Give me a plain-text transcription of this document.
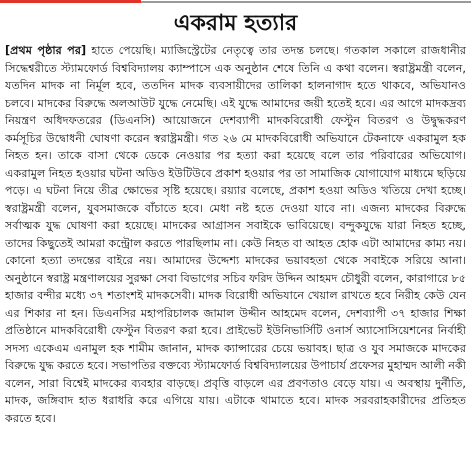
একরাম হত্যার

[প্রথম পৃষ্ঠার পর] হাতে পেয়েছি। ম্যাজিস্ট্রেটের নেতৃত্বে তার তদন্ত চলছে। গতকাল সকালে রাজধানীর সিদ্ধেশ্বরীতে স্ট্যামফোর্ড বিশ্ববিদ্যালয় ক্যাম্পাসে এক অনুষ্ঠান শেষে তিনি এ কথা বলেন। স্বরাষ্ট্রমন্ত্রী বলেন, যতদিন মাদক না নির্মূল হবে, ততদিন মাদক ব্যবসায়ীদের তালিকা হালনাগাদ হতে থাকবে, অভিযানও চলবে। মাদকের বিরুদ্ধে অলআউট যুদ্ধে নেমেছি। এই যুদ্ধে আমাদের জয়ী হতেই হবে। এর আগে মাদকদ্রব্য নিয়ন্ত্রণ অধিদফতরের (ডিএনসি) আয়োজনে দেশব্যাপী মাদকবিরোধী ফেস্টুন বিতরণ ও উদ্বুদ্ধকরণ কর্মসূচির উদ্বোধনী ঘোষণা করেন স্বরাষ্ট্রমন্ত্রী। গত ২৬ মে মাদকবিরোধী অভিযানে টেকনাফে একরামুল হক নিহত হন। তাকে বাসা থেকে ডেকে নেওয়ার পর হত্যা করা হয়েছে বলে তার পরিবারের অভিযোগ। একরামুল নিহত হওয়ার ঘটনা অডিও ইউটিউবে প্রকাশ হওয়ার পর তা সামাজিক যোগাযোগ মাধ্যমে ছড়িয়ে পড়ে। এ ঘটনা নিয়ে তীব্র ক্ষোভের সৃষ্টি হয়েছে। রয়্যার বলেছে, প্রকাশ হওয়া অডিও খতিয়ে দেখা হচ্ছে। স্বরাষ্ট্রমন্ত্রী বলেন, যুবসমাজকে বাঁচাতে হবে। মেধা নষ্ট হতে দেওয়া যাবে না। এজন্য মাদকের বিরুদ্ধে সর্বাত্মক যুদ্ধ ঘোষণা করা হয়েছে। মাদকের আগ্রাসন সবাইকে ভাবিয়েছে। বন্দুকযুদ্ধে যারা নিহত হচ্ছে, তাদের কিছুতেই আমরা কন্ট্রোল করতে পারছিলাম না। কেউ নিহত বা আহত হোক এটা আমাদের কাম্য নয়। কোনো হত্যা তদন্তের বাইরে নয়। আমাদের উদ্দেশ্য মাদকের ভয়াবহতা থেকে সবাইকে সরিয়ে আনা। অনুষ্ঠানে স্বরাষ্ট্র মন্ত্রণালয়ের সুরক্ষা সেবা বিভাগের সচিব ফরিদ উদ্দিন আহমদ চৌধুরী বলেন, কারাগারে ৮৫ হাজার বন্দীর মধ্যে ৩৭ শতাংশই মাদকসেবী। মাদক বিরোধী অভিযানে খেয়াল রাখতে হবে নিরীহ কেউ যেন এর শিকার না হন। ডিএনসির মহাপরিচালক জামাল উদ্দীন আহমেদ বলেন, দেশব্যাপী ৩৭ হাজার শিক্ষা প্রতিষ্ঠানে মাদকবিরোধী ফেস্টুন বিতরণ করা হবে। প্রাইভেট ইউনিভার্সিটি ওনার্স অ্যাসোসিয়েশনের নির্বাহী সদস্য একেএম এনামুল হক শামীম জানান, মাদক ক্যান্সারের চেয়ে ভয়াবহ। ছাত্র ও যুব সমাজকে মাদকের বিরুদ্ধে যুদ্ধ করতে হবে। সভাপতির বক্তব্যে স্ট্যামফোর্ড বিশ্ববিদ্যালয়ের উপাচার্য প্রফেসর মুহাম্মদ আলী নকী বলেন, সারা বিশ্বেই মাদকের ব্যবহার বাড়ছে। প্রবৃত্তি বাড়লে এর প্রবণতাও বেড়ে যায়। এ অবস্থায় দুর্নীতি, মাদক, জঙ্গিবাদ হাত ধরাধরি করে এগিয়ে যায়। এটাকে থামাতে হবে। মাদক সরবরাহকারীদের প্রতিহত করতে হবে।
